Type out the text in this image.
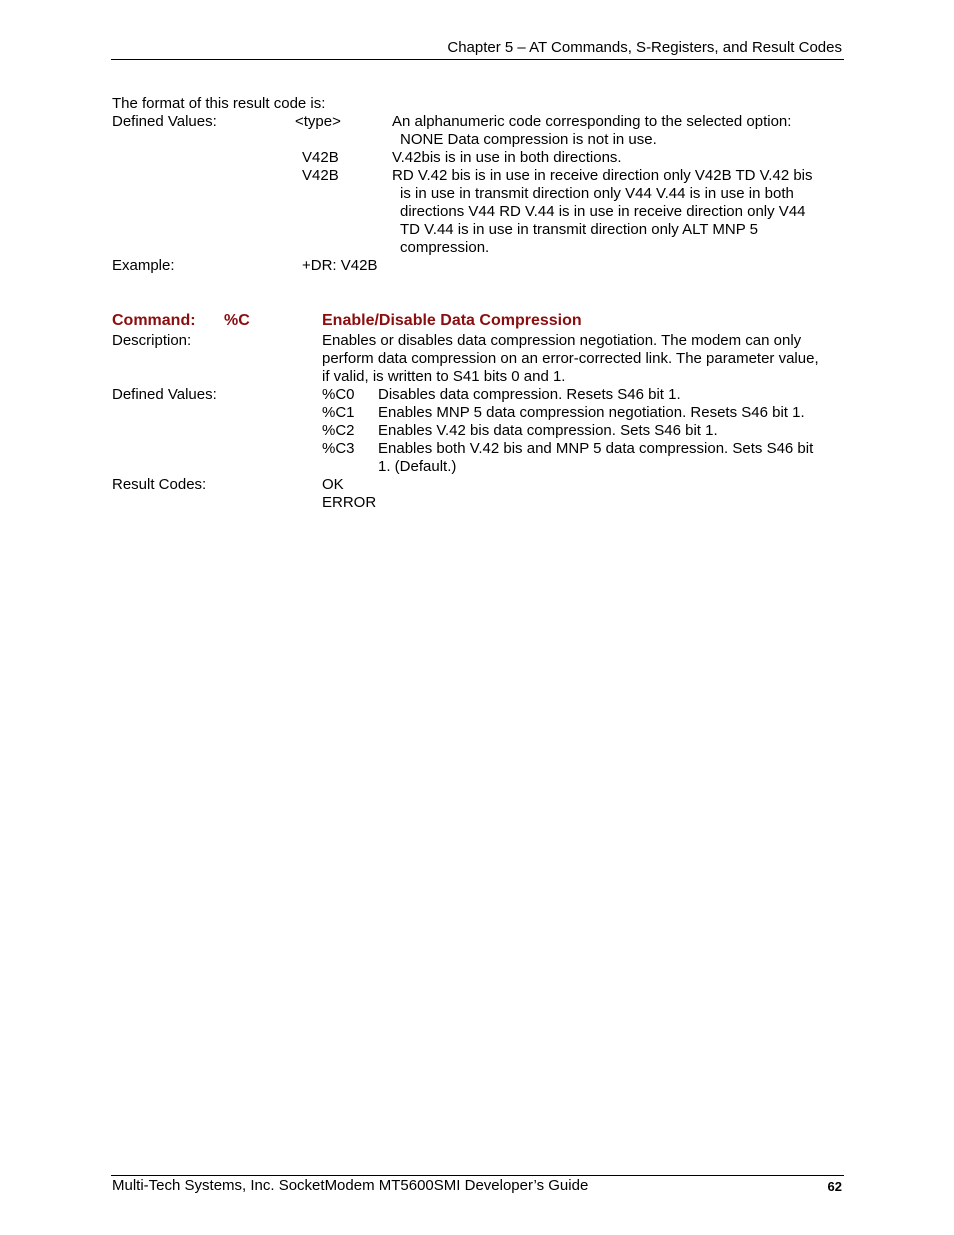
Chapter 5 – AT Commands, S-Registers, and Result Codes
The format of this result code is:
Defined Values:	<type>	An alphanumeric code corresponding to the selected option:
NONE Data compression is not in use.
V42B	V.42bis is in use in both directions.
V42B	RD V.42 bis is in use in receive direction only V42B TD V.42 bis
is in use in transmit direction only V44 V.44 is in use in both
directions V44 RD V.44 is in use in receive direction only V44
TD V.44 is in use in transmit direction only ALT MNP 5
compression.
Example:	+DR: V42B
Command: %C	Enable/Disable Data Compression
Description:	Enables or disables data compression negotiation. The modem can only
perform data compression on an error-corrected link. The parameter value,
if valid, is written to S41 bits 0 and 1.
Defined Values:	%C0 Disables data compression. Resets S46 bit 1.
%C1 Enables MNP 5 data compression negotiation. Resets S46 bit 1.
%C2 Enables V.42 bis data compression. Sets S46 bit 1.
%C3 Enables both V.42 bis and MNP 5 data compression. Sets S46 bit
1. (Default.)
Result Codes:	OK
ERROR
Multi-Tech Systems, Inc. SocketModem MT5600SMI Developer’s Guide	62
